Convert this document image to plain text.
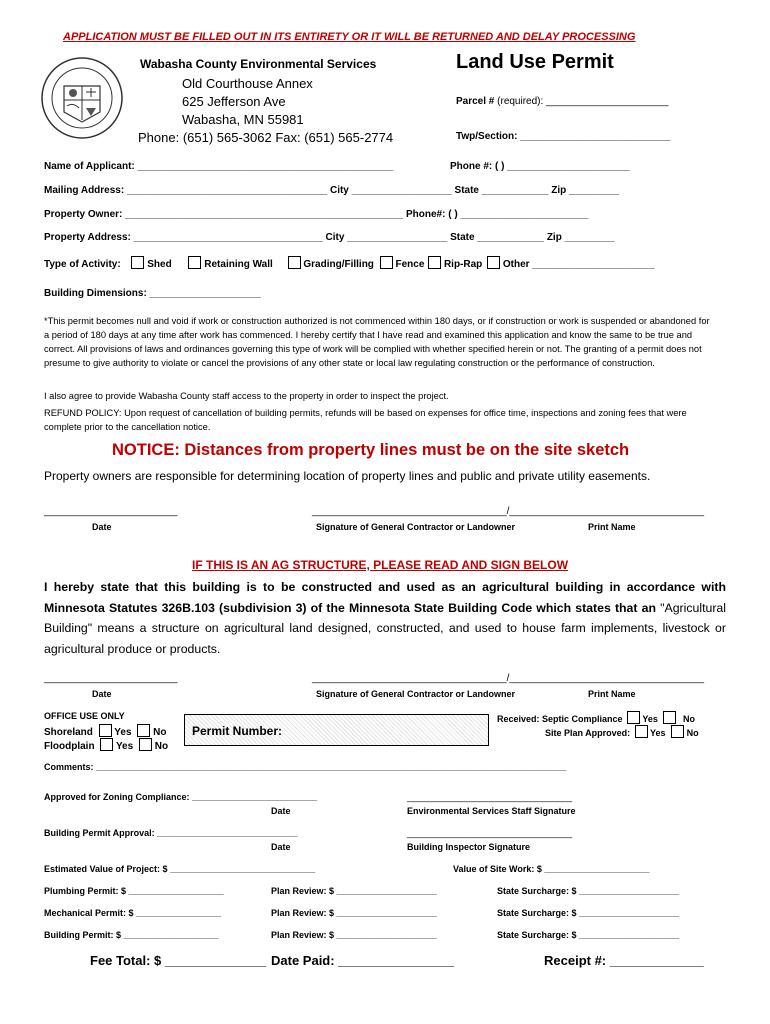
APPLICATION MUST BE FILLED OUT IN ITS ENTIRETY OR IT WILL BE RETURNED AND DELAY PROCESSING
Wabasha County Environmental Services
Old Courthouse Annex
625 Jefferson Ave
Wabasha, MN 55981
Phone: (651) 565-3062 Fax: (651) 565-2774
Land Use Permit
Parcel # (required): ______________________
Twp/Section: ___________________________
Name of Applicant: ______________________________________________	Phone #: ( ) ______________________
Mailing Address: ____________________________________ City __________________ State ____________ Zip _________
Property Owner: __________________________________________________ Phone#: ( ) _______________________
Property Address: __________________________________ City __________________ State ____________ Zip _________
Type of Activity:	Shed	Retaining Wall	Grading/Filling Fence Rip-Rap Other ______________________
Building Dimensions: ____________________
*This permit becomes null and void if work or construction authorized is not commenced within 180 days, or if construction or work is suspended or abandoned for a period of 180 days at any time after work has commenced. I hereby certify that I have read and examined this application and know the same to be true and correct. All provisions of laws and ordinances governing this type of work will be complied with whether specified herein or not. The granting of a permit does not presume to give authority to violate or cancel the provisions of any other state or local law regulating construction or the performance of construction.
I also agree to provide Wabasha County staff access to the property in order to inspect the project.
REFUND POLICY: Upon request of cancellation of building permits, refunds will be based on expenses for office time, inspections and zoning fees that were complete prior to the cancellation notice.
NOTICE: Distances from property lines must be on the site sketch
Property owners are responsible for determining location of property lines and public and private utility easements.
________________________	___________________________________/___________________________________
Date	Signature of General Contractor or Landowner	Print Name
IF THIS IS AN AG STRUCTURE, PLEASE READ AND SIGN BELOW
I hereby state that this building is to be constructed and used as an agricultural building in accordance with Minnesota Statutes 326B.103 (subdivision 3) of the Minnesota State Building Code which states that an "Agricultural Building" means a structure on agricultural land designed, constructed, and used to house farm implements, livestock or agricultural produce or products.
________________________	___________________________________/___________________________________
Date	Signature of General Contractor or Landowner	Print Name
OFFICE USE ONLY
Shoreland Yes No
Floodplain Yes No
Permit Number:
Received: Septic Compliance Yes	No
Site Plan Approved: Yes No
Comments: ______________________________________________________________________________________________
Approved for Zoning Compliance: _________________________	_________________________________
Date	Environmental Services Staff Signature
Building Permit Approval: ____________________________	_________________________________
Date	Building Inspector Signature
Estimated Value of Project: $ _____________________________	Value of Site Work: $ _____________________
Plumbing Permit: $ ___________________	Plan Review: $ ____________________	State Surcharge: $ ____________________
Mechanical Permit: $ _________________	Plan Review: $ ____________________	State Surcharge: $ ____________________
Building Permit: $ ___________________	Plan Review: $ ____________________	State Surcharge: $ ____________________
Fee Total: $ ______________ Date Paid: ________________	Receipt #: _____________
